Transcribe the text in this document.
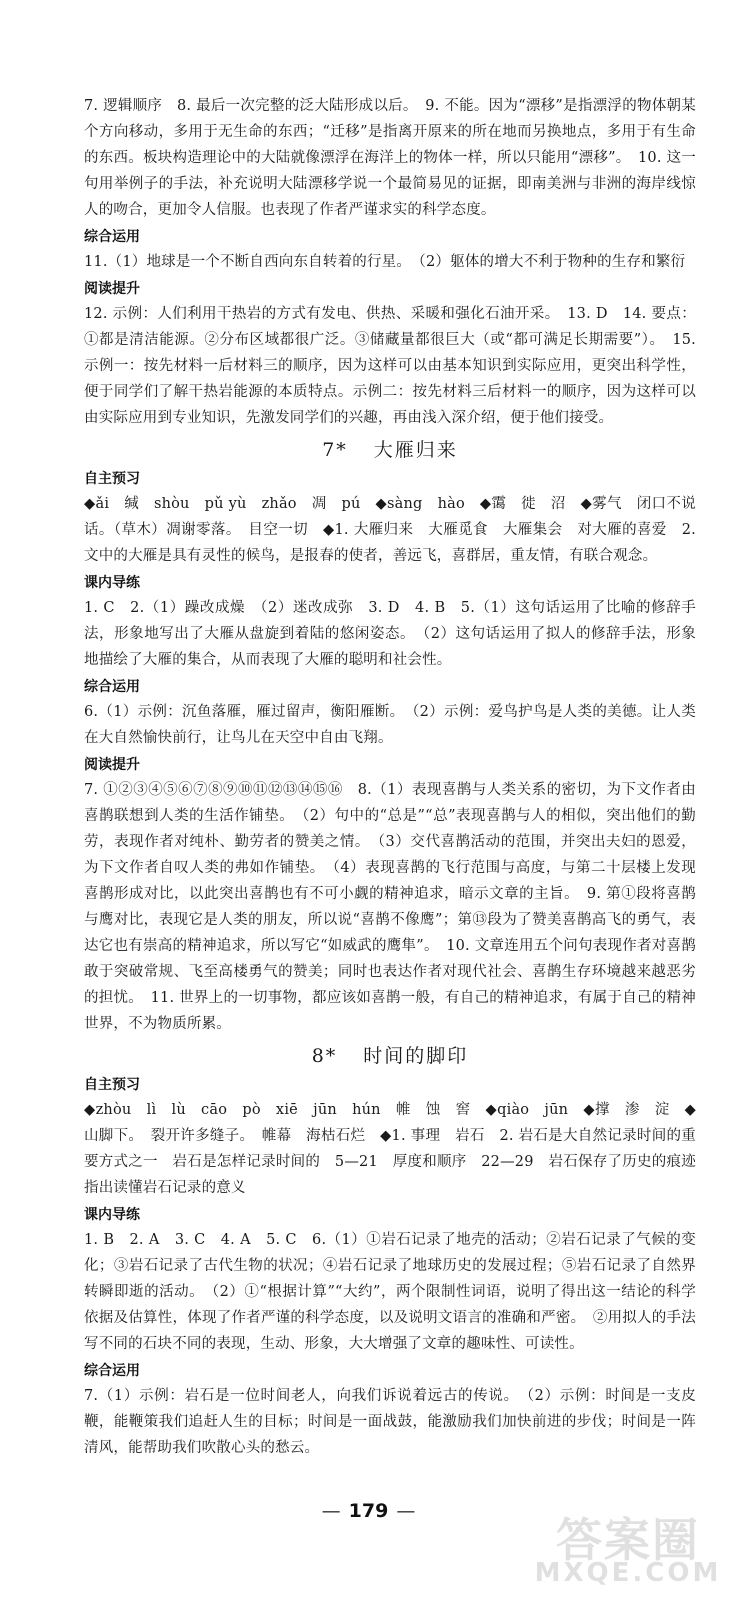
7. 逻辑顺序　8. 最后一次完整的泛大陆形成以后。　9. 不能。因为“漂移”是指漂浮的物体朝某个方向移动，多用于无生命的东西；“迁移”是指离开原来的所在地而另换地点，多用于有生命的东西。板块构造理论中的大陆就像漂浮在海洋上的物体一样，所以只能用“漂移”。　10. 这一句用举例子的手法，补充说明大陆漂移学说一个最简易见的证据，即南美洲与非洲的海岸线惊人的吻合，更加令人信服。也表现了作者严谨求实的科学态度。

综合运用

11.（1）地球是一个不断自西向东自转着的行星。　（2）躯体的增大不利于物种的生存和繁衍

阅读提升

12. 示例：人们利用干热岩的方式有发电、供热、采暖和强化石油开采。　13. D　14. 要点：①都是清洁能源。②分布区域都很广泛。③储藏量都很巨大（或“都可满足长期需要”）。　15. 示例一：按先材料一后材料三的顺序，因为这样可以由基本知识到实际应用，更突出科学性，便于同学们了解干热岩能源的本质特点。示例二：按先材料三后材料一的顺序，因为这样可以由实际应用到专业知识，先激发同学们的兴趣，再由浅入深介绍，便于他们接受。

7* 大雁归来
自主预习

◆ǎi　缄　shòu　pǔ yù　zhǎo　凋　pú　◆sàng　hào　◆霭　徙　沼　◆雾气　闭口不说话。（草木）凋谢零落。　目空一切　◆1. 大雁归来　大雁觅食　大雁集会　对大雁的喜爱　2. 文中的大雁是具有灵性的候鸟，是报春的使者，善远飞，喜群居，重友情，有联合观念。

课内导练

1. C　2.（1）躁改成燥　（2）迷改成弥　3. D　4. B　5.（1）这句话运用了比喻的修辞手法，形象地写出了大雁从盘旋到着陆的悠闲姿态。　（2）这句话运用了拟人的修辞手法，形象地描绘了大雁的集合，从而表现了大雁的聪明和社会性。

综合运用

6.（1）示例：沉鱼落雁，雁过留声，衡阳雁断。　（2）示例：爱鸟护鸟是人类的美德。让人类在大自然愉快前行，让鸟儿在天空中自由飞翔。

阅读提升

7. ①②③④⑤⑥⑦⑧⑨⑩⑪⑫⑬⑭⑮⑯　8.（1）表现喜鹊与人类关系的密切，为下文作者由喜鹊联想到人类的生活作铺垫。　（2）句中的“总是”“总”表现喜鹊与人的相似，突出他们的勤劳，表现作者对纯朴、勤劳者的赞美之情。　（3）交代喜鹊活动的范围，并突出夫妇的恩爱，为下文作者自叹人类的弗如作铺垫。　（4）表现喜鹊的飞行范围与高度，与第二十层楼上发现喜鹊形成对比，以此突出喜鹊也有不可小觑的精神追求，暗示文章的主旨。　9. 第①段将喜鹊与鹰对比，表现它是人类的朋友，所以说“喜鹊不像鹰”；第⑬段为了赞美喜鹊高飞的勇气，表达它也有崇高的精神追求，所以写它“如威武的鹰隼”。　10. 文章连用五个问句表现作者对喜鹊敢于突破常规、飞至高楼勇气的赞美；同时也表达作者对现代社会、喜鹊生存环境越来越恶劣的担忧。　11. 世界上的一切事物，都应该如喜鹊一般，有自己的精神追求，有属于自己的精神世界，不为物质所累。

8* 时间的脚印
自主预习

◆zhòu　lì　lù　cāo　pò　xiē　jūn　hún　帷　蚀　窖　◆qiào　jūn　◆撑　渗　淀　◆山脚下。　裂开许多缝子。　帷幕　海枯石烂　◆1. 事理　岩石　2. 岩石是大自然记录时间的重要方式之一　岩石是怎样记录时间的　5—21　厚度和顺序　22—29　岩石保存了历史的痕迹　指出读懂岩石记录的意义

课内导练

1. B　2. A　3. C　4. A　5. C　6.（1）①岩石记录了地壳的活动；②岩石记录了气候的变化；③岩石记录了古代生物的状况；④岩石记录了地球历史的发展过程；⑤岩石记录了自然界转瞬即逝的活动。　（2）①“根据计算”“大约”，两个限制性词语，说明了得出这一结论的科学依据及估算性，体现了作者严谨的科学态度，以及说明文语言的准确和严密。　②用拟人的手法写不同的石块不同的表现，生动、形象，大大增强了文章的趣味性、可读性。

综合运用

7.（1）示例：岩石是一位时间老人，向我们诉说着远古的传说。　（2）示例：时间是一支皮鞭，能鞭策我们追赶人生的目标；时间是一面战鼓，能激励我们加快前进的步伐；时间是一阵清风，能帮助我们吹散心头的愁云。

— 179 —
答案圈
MXQE.COM
